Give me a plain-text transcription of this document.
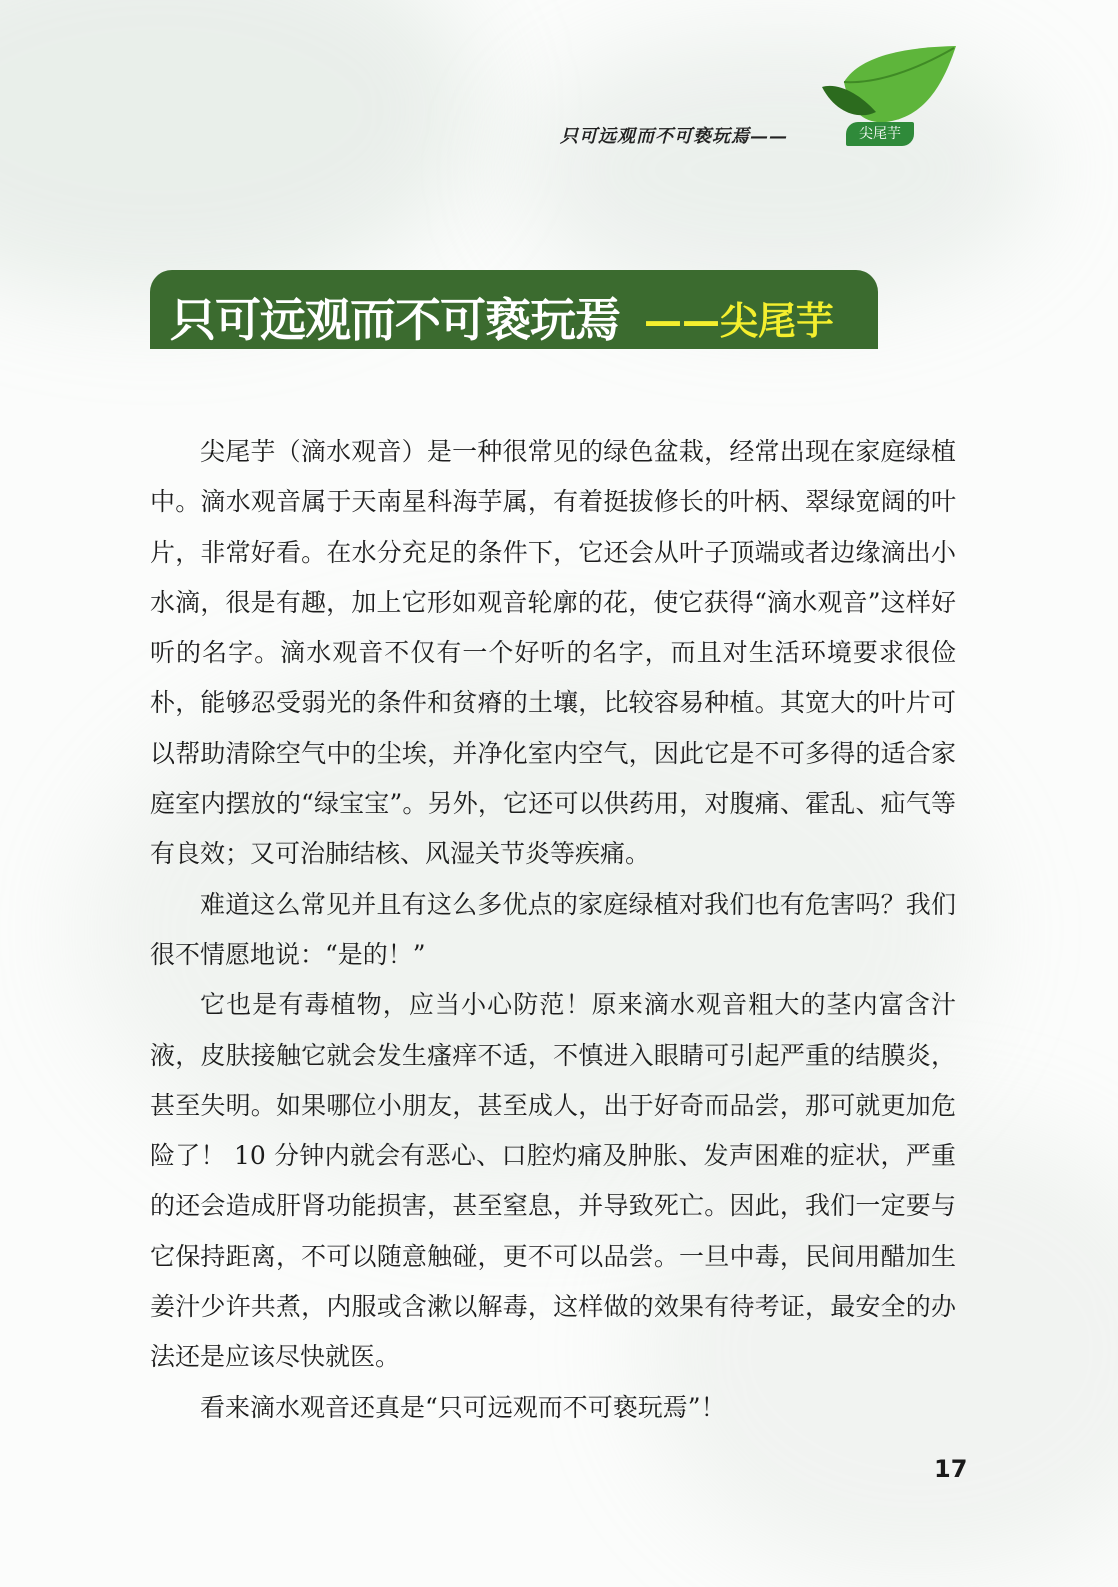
只可远观而不可亵玩焉——	尖尾芋
只可远观而不可亵玩焉 ——尖尾芋

尖尾芋（滴水观音）是一种很常见的绿色盆栽，经常出现在家庭绿植中。滴水观音属于天南星科海芋属，有着挺拔修长的叶柄、翠绿宽阔的叶片，非常好看。在水分充足的条件下，它还会从叶子顶端或者边缘滴出小水滴，很是有趣，加上它形如观音轮廓的花，使它获得“滴水观音”这样好听的名字。滴水观音不仅有一个好听的名字，而且对生活环境要求很俭朴，能够忍受弱光的条件和贫瘠的土壤，比较容易种植。其宽大的叶片可以帮助清除空气中的尘埃，并净化室内空气，因此它是不可多得的适合家庭室内摆放的“绿宝宝”。另外，它还可以供药用，对腹痛、霍乱、疝气等有良效；又可治肺结核、风湿关节炎等疾痛。

难道这么常见并且有这么多优点的家庭绿植对我们也有危害吗？我们很不情愿地说：“是的！”

它也是有毒植物，应当小心防范！原来滴水观音粗大的茎内富含汁液，皮肤接触它就会发生瘙痒不适，不慎进入眼睛可引起严重的结膜炎，甚至失明。如果哪位小朋友，甚至成人，出于好奇而品尝，那可就更加危险了！ 10 分钟内就会有恶心、口腔灼痛及肿胀、发声困难的症状，严重的还会造成肝肾功能损害，甚至窒息，并导致死亡。因此，我们一定要与它保持距离，不可以随意触碰，更不可以品尝。一旦中毒，民间用醋加生姜汁少许共煮，内服或含漱以解毒，这样做的效果有待考证，最安全的办法还是应该尽快就医。

看来滴水观音还真是“只可远观而不可亵玩焉”！

17
